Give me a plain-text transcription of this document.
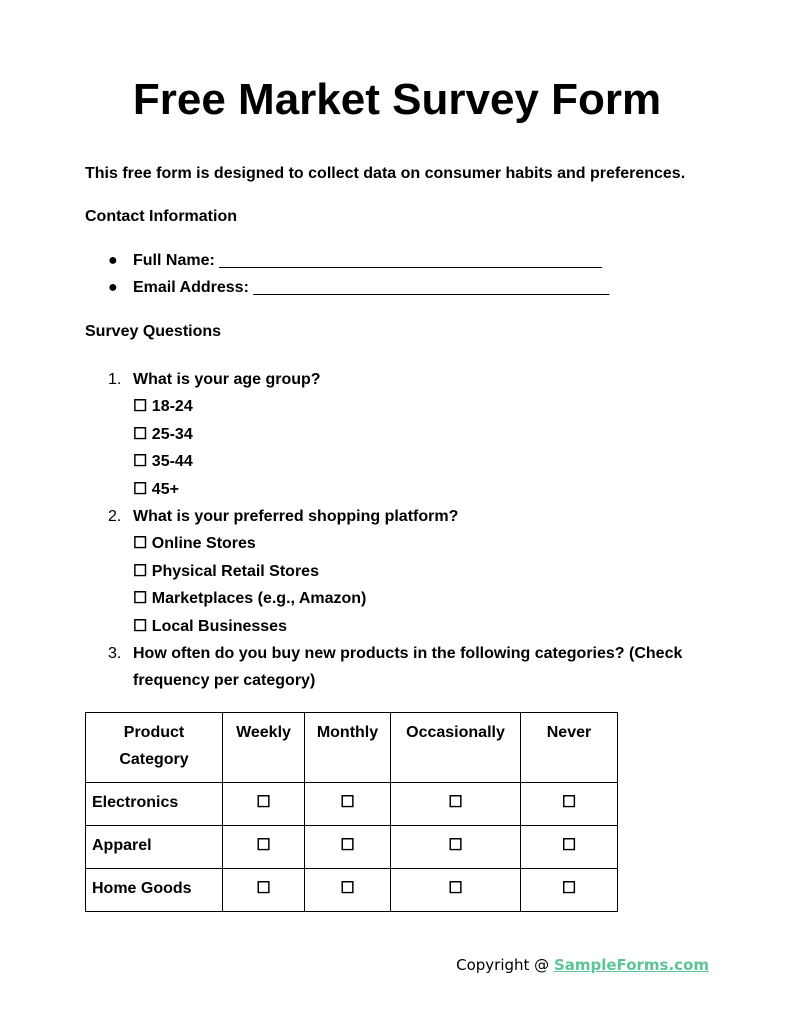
Free Market Survey Form
This free form is designed to collect data on consumer habits and preferences.
Contact Information
● Full Name: ___________________________________________
● Email Address: ________________________________________
Survey Questions
1. What is your age group?
☐ 18-24
☐ 25-34
☐ 35-44
☐ 45+
2. What is your preferred shopping platform?
☐ Online Stores
☐ Physical Retail Stores
☐ Marketplaces (e.g., Amazon)
☐ Local Businesses
3. How often do you buy new products in the following categories? (Check frequency per category)
Product Category	Weekly	Monthly	Occasionally	Never
Electronics	☐	☐	☐	☐
Apparel	☐	☐	☐	☐
Home Goods	☐	☐	☐	☐
Copyright @ SampleForms.com
